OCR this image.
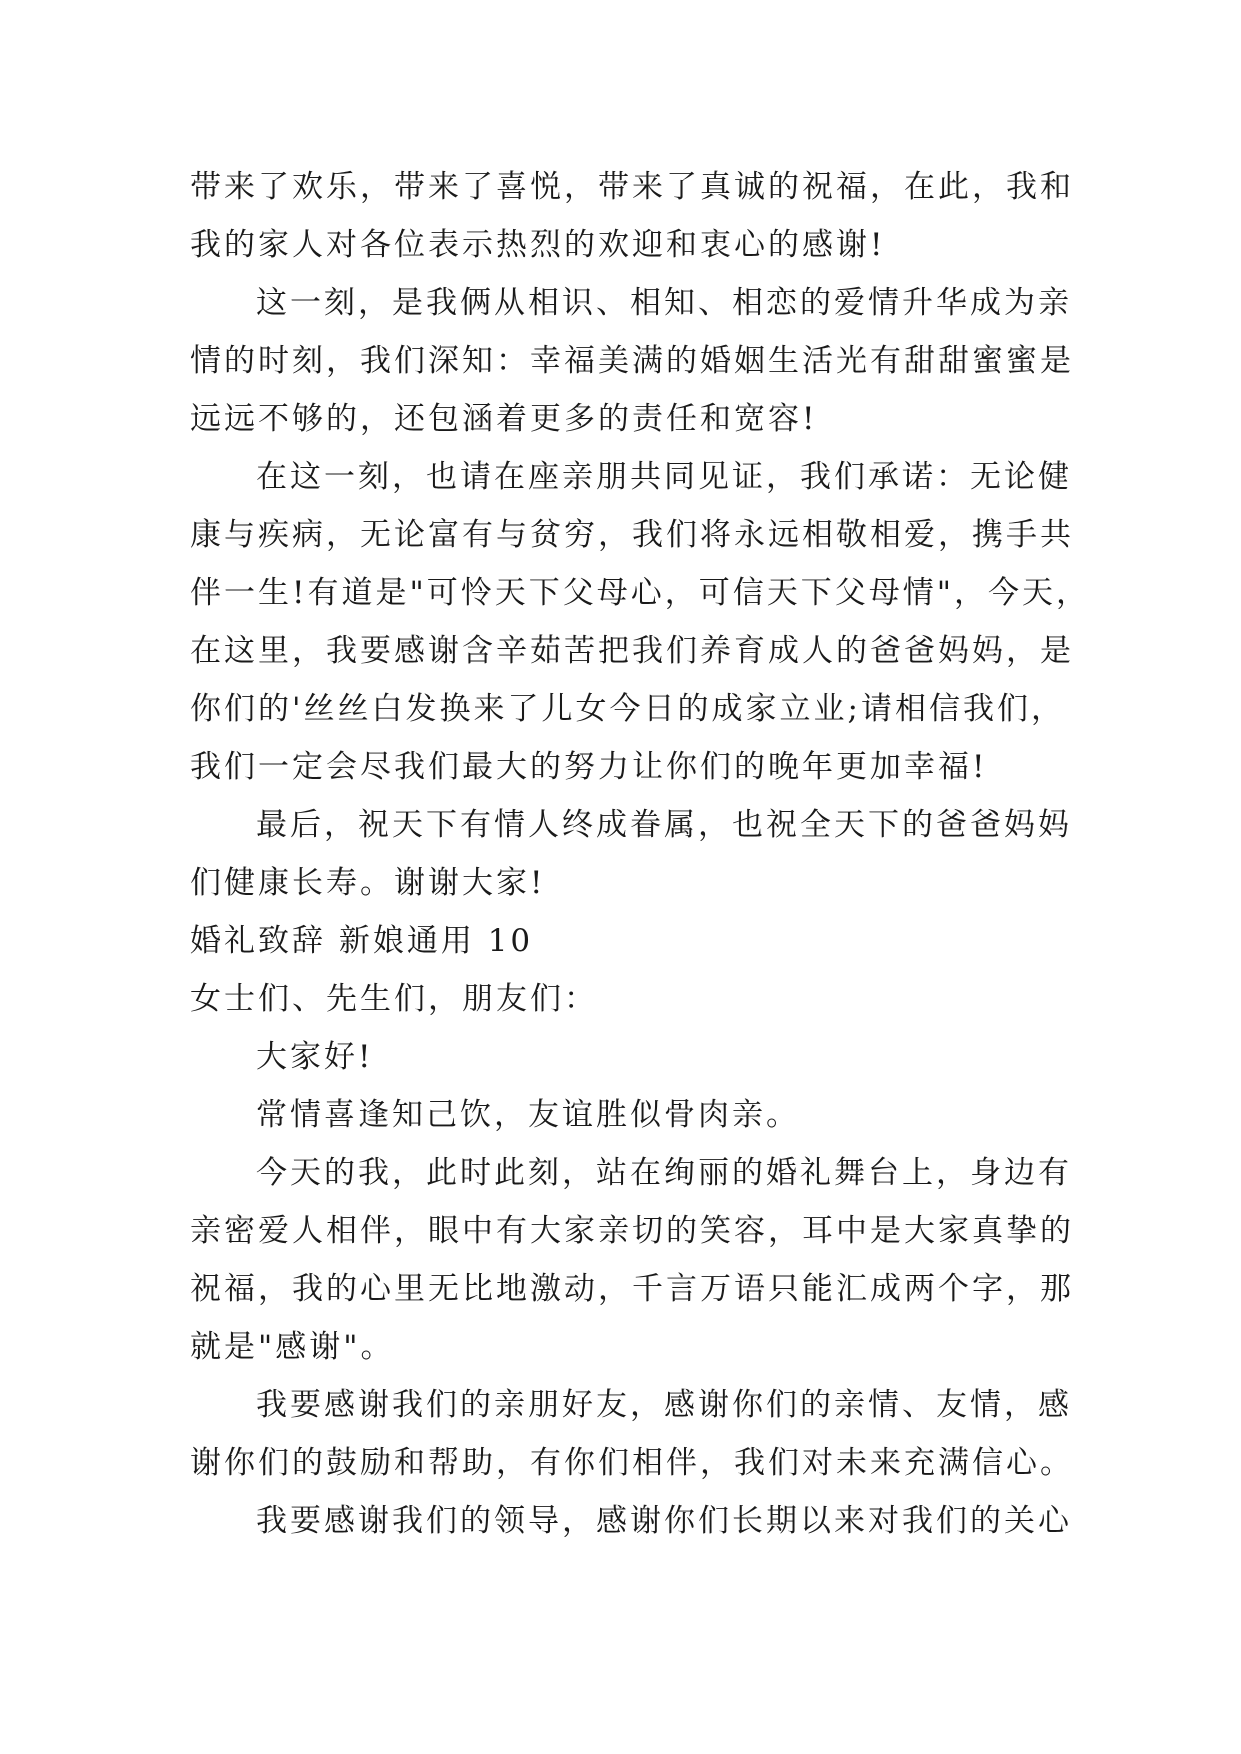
带来了欢乐，带来了喜悦，带来了真诚的祝福，在此，我和
我的家人对各位表示热烈的欢迎和衷心的感谢!
这一刻，是我俩从相识、相知、相恋的爱情升华成为亲
情的时刻，我们深知：幸福美满的婚姻生活光有甜甜蜜蜜是
远远不够的，还包涵着更多的责任和宽容!
在这一刻，也请在座亲朋共同见证，我们承诺：无论健
康与疾病，无论富有与贫穷，我们将永远相敬相爱，携手共
伴一生!有道是"可怜天下父母心，可信天下父母情"，今天，
在这里，我要感谢含辛茹苦把我们养育成人的爸爸妈妈，是
你们的'丝丝白发换来了儿女今日的成家立业;请相信我们，
我们一定会尽我们最大的努力让你们的晚年更加幸福!
最后，祝天下有情人终成眷属，也祝全天下的爸爸妈妈
们健康长寿。谢谢大家!
婚礼致辞 新娘通用 10
女士们、先生们，朋友们：
大家好!
常情喜逢知己饮，友谊胜似骨肉亲。
今天的我，此时此刻，站在绚丽的婚礼舞台上，身边有
亲密爱人相伴，眼中有大家亲切的笑容，耳中是大家真挚的
祝福，我的心里无比地激动，千言万语只能汇成两个字，那
就是"感谢"。
我要感谢我们的亲朋好友，感谢你们的亲情、友情，感
谢你们的鼓励和帮助，有你们相伴，我们对未来充满信心。
我要感谢我们的领导，感谢你们长期以来对我们的关心
